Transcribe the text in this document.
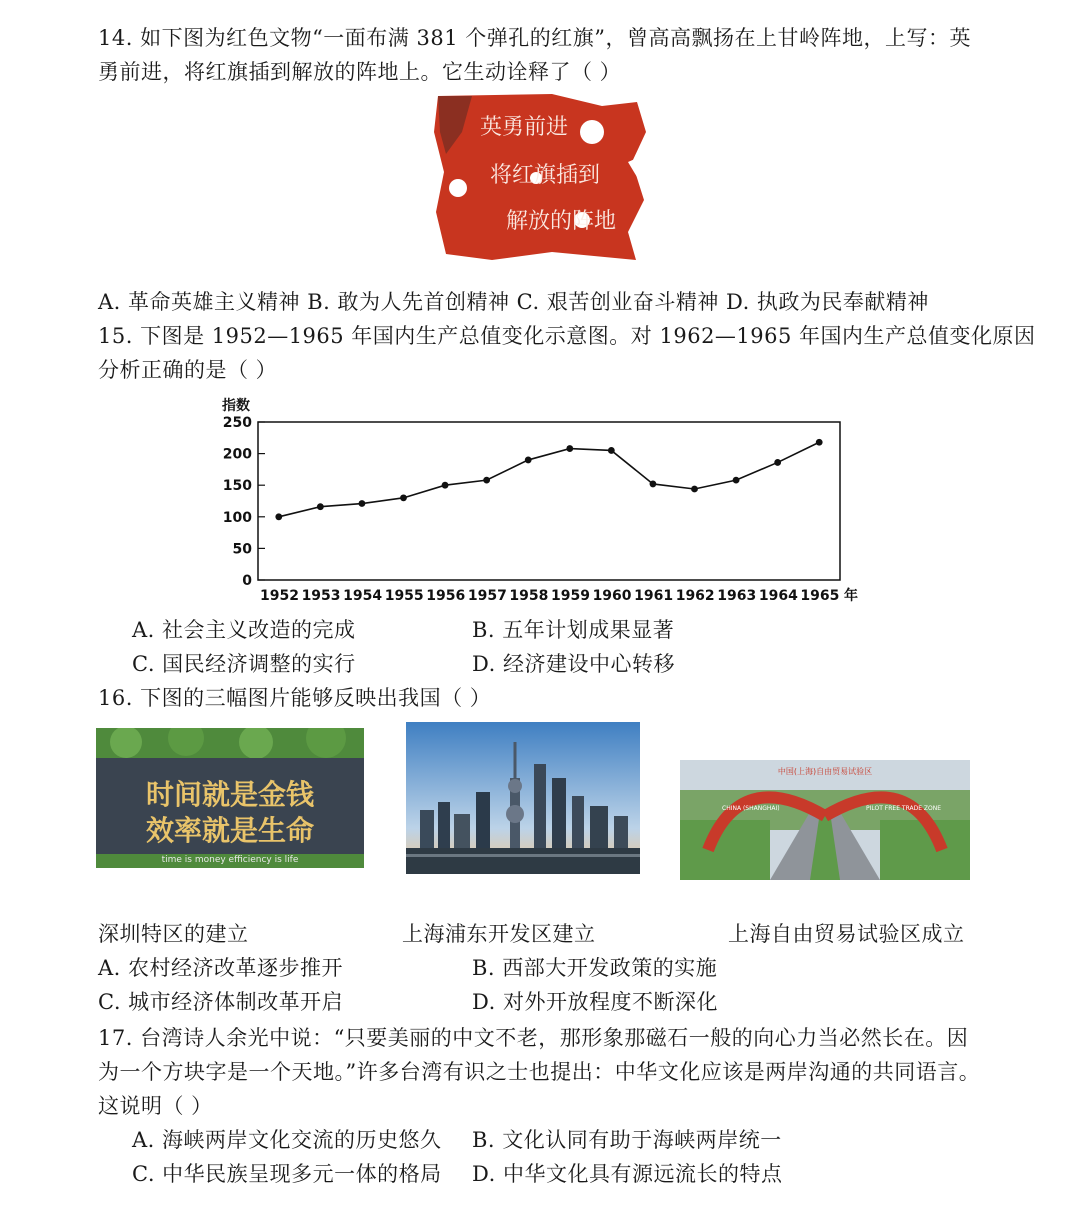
14. 如下图为红色文物“一面布满 381 个弹孔的红旗”，曾高高飘扬在上甘岭阵地，上写：英
勇前进，将红旗插到解放的阵地上。它生动诠释了（ ）
英勇前进
将红旗插到
解放的阵地
A. 革命英雄主义精神 B. 敢为人先首创精神 C. 艰苦创业奋斗精神 D. 执政为民奉献精神
15. 下图是 1952—1965 年国内生产总值变化示意图。对 1962—1965 年国内生产总值变化原因
分析正确的是（ ）
指数
0
50
100
150
200
250
1952 1953 1954 1955 1956 1957 1958 1959 1960 1961 1962 1963 1964 1965 年
A. 社会主义改造的完成	B. 五年计划成果显著
C. 国民经济调整的实行	D. 经济建设中心转移
16. 下图的三幅图片能够反映出我国（ ）
时间就是金钱
效率就是生命
time is money efficiency is life
中国(上海)自由贸易试验区
CHINA (SHANGHAI)	PILOT FREE TRADE ZONE
深圳特区的建立	上海浦东开发区建立	上海自由贸易试验区成立
A. 农村经济改革逐步推开	B. 西部大开发政策的实施
C. 城市经济体制改革开启	D. 对外开放程度不断深化
17. 台湾诗人余光中说：“只要美丽的中文不老，那形象那磁石一般的向心力当必然长在。因
为一个方块字是一个天地。”许多台湾有识之士也提出：中华文化应该是两岸沟通的共同语言。
这说明（ ）
A. 海峡两岸文化交流的历史悠久 B. 文化认同有助于海峡两岸统一
C. 中华民族呈现多元一体的格局 D. 中华文化具有源远流长的特点
